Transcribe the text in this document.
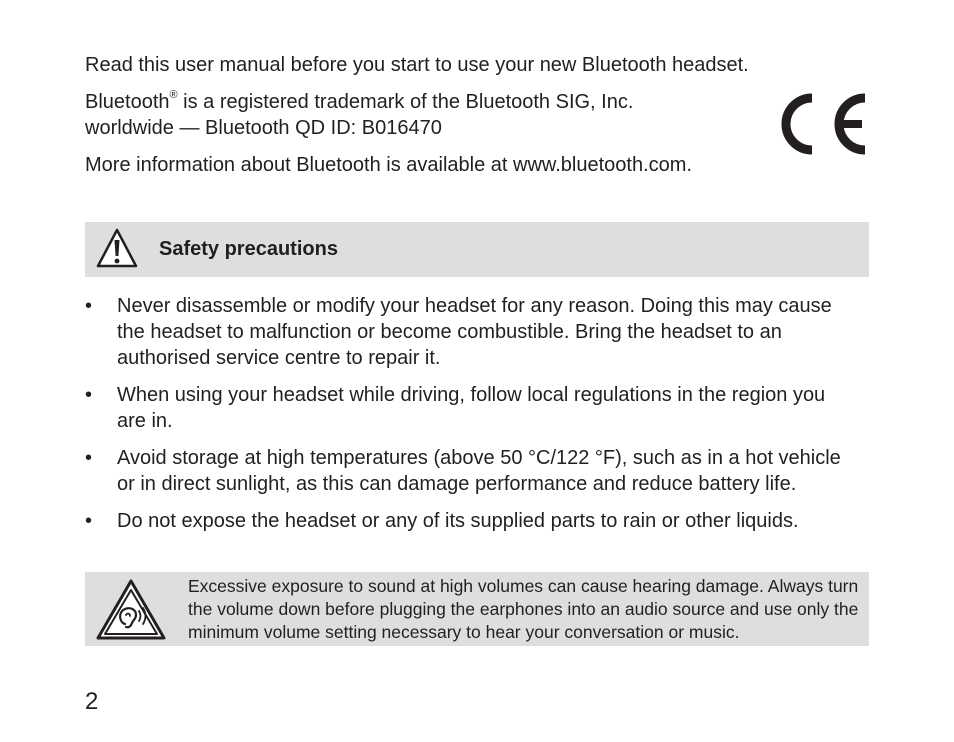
Read this user manual before you start to use your new Bluetooth headset.

Bluetooth® is a registered trademark of the Bluetooth SIG, Inc.
worldwide — Bluetooth QD ID: B016470

More information about Bluetooth is available at www.bluetooth.com.

Safety precautions
• Never disassemble or modify your headset for any reason. Doing this may cause the headset to malfunction or become combustible. Bring the headset to an authorised service centre to repair it.
• When using your headset while driving, follow local regulations in the region you are in.
• Avoid storage at high temperatures (above 50 °C/122 °F), such as in a hot vehicle or in direct sunlight, as this can damage performance and reduce battery life.
• Do not expose the headset or any of its supplied parts to rain or other liquids.
Excessive exposure to sound at high volumes can cause hearing damage. Always turn the volume down before plugging the earphones into an audio source and use only the minimum volume setting necessary to hear your conversation or music.
2
